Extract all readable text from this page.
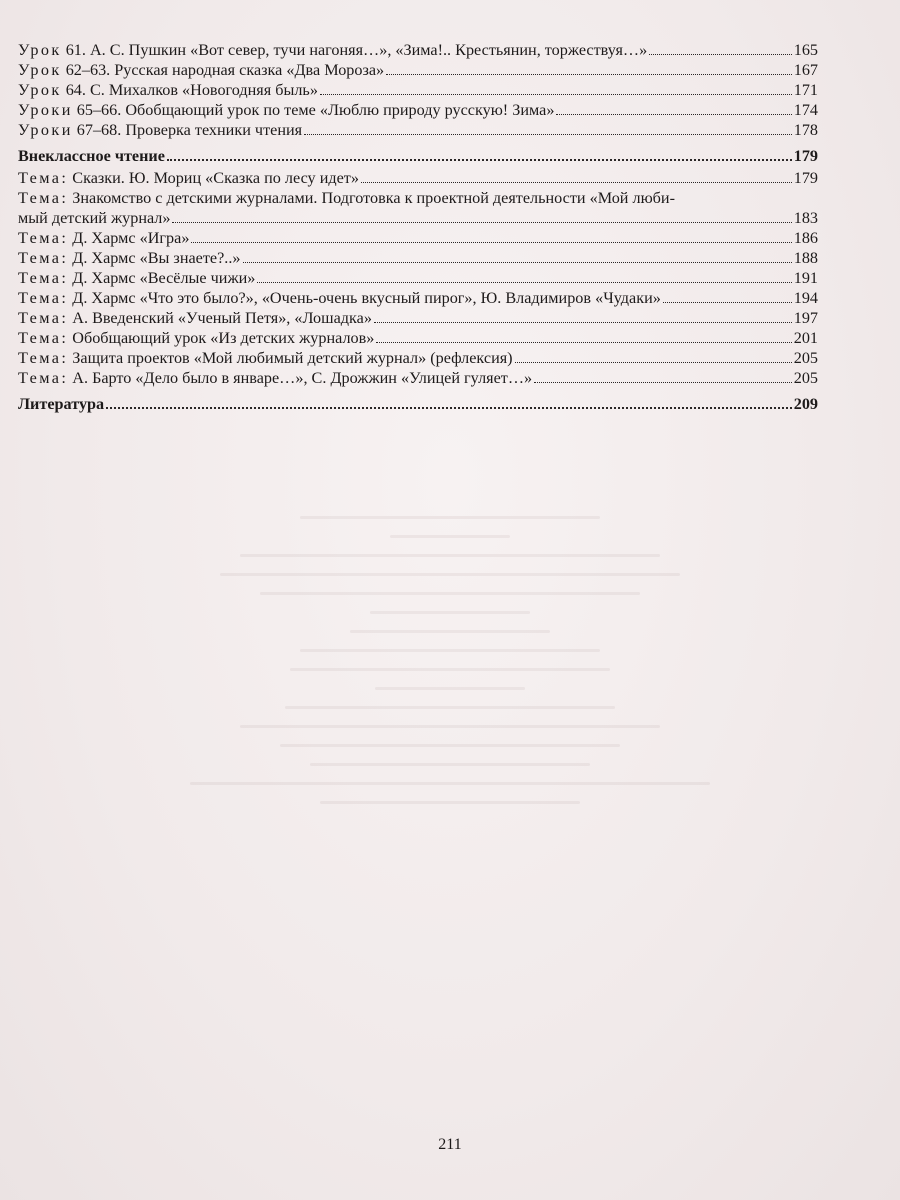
Урок 61. А. С. Пушкин «Вот север, тучи нагоняя…», «Зима!.. Крестьянин, торжествуя…»	165
Урок 62–63. Русская народная сказка «Два Мороза»	167
Урок 64. С. Михалков «Новогодняя быль»	171
Уроки 65–66. Обобщающий урок по теме «Люблю природу русскую! Зима»	174
Уроки 67–68. Проверка техники чтения	178
Внеклассное чтение	179
Тема: Сказки. Ю. Мориц «Сказка по лесу идет»	179
Тема: Знакомство с детскими журналами. Подготовка к проектной деятельности «Мой люби-
мый детский журнал»	183
Тема: Д. Хармс «Игра»	186
Тема: Д. Хармс «Вы знаете?..»	188
Тема: Д. Хармс «Весёлые чижи»	191
Тема: Д. Хармс «Что это было?», «Очень-очень вкусный пирог», Ю. Владимиров «Чудаки»	194
Тема: А. Введенский «Ученый Петя», «Лошадка»	197
Тема: Обобщающий урок «Из детских журналов»	201
Тема: Защита проектов «Мой любимый детский журнал» (рефлексия)	205
Тема: А. Барто «Дело было в январе…», С. Дрожжин «Улицей гуляет…»	205
Литература	209
211
